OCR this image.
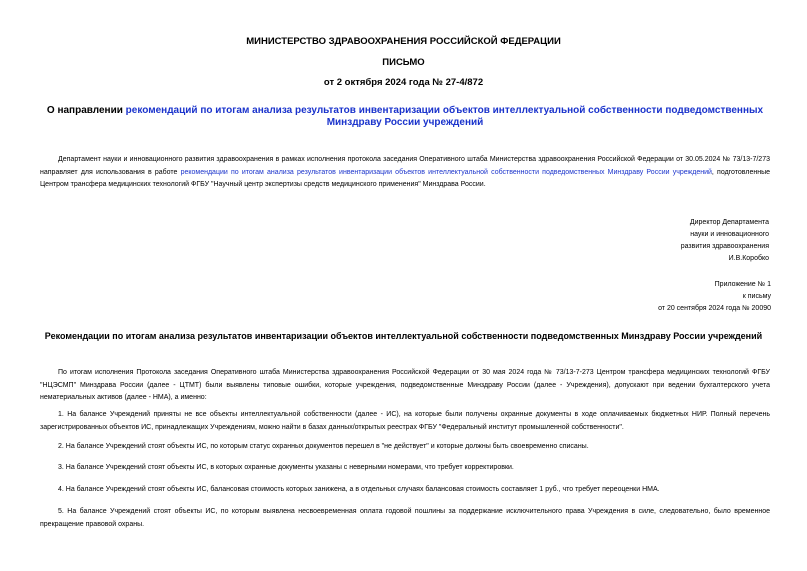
МИНИСТЕРСТВО ЗДРАВООХРАНЕНИЯ РОССИЙСКОЙ ФЕДЕРАЦИИ
ПИСЬМО
от 2 октября 2024 года № 27-4/872
О направлении рекомендаций по итогам анализа результатов инвентаризации объектов интеллектуальной собственности подведомственных Минздраву России учреждений
Департамент науки и инновационного развития здравоохранения в рамках исполнения протокола заседания Оперативного штаба Министерства здравоохранения Российской Федерации от 30.05.2024 № 73/13-7/273 направляет для использования в работе рекомендации по итогам анализа результатов инвентаризации объектов интеллектуальной собственности подведомственных Минздраву России учреждений, подготовленные Центром трансфера медицинских технологий ФГБУ "Научный центр экспертизы средств медицинского применения" Минздрава России.
Директор Департамента
науки и инновационного
развития здравоохранения
И.В.Коробко
Приложение № 1
к письму
от 20 сентября 2024 года № 20090
Рекомендации по итогам анализа результатов инвентаризации объектов интеллектуальной собственности подведомственных Минздраву России учреждений
По итогам исполнения Протокола заседания Оперативного штаба Министерства здравоохранения Российской Федерации от 30 мая 2024 года № 73/13-7-273 Центром трансфера медицинских технологий ФГБУ "НЦЭСМП" Минздрава России (далее - ЦТМТ) были выявлены типовые ошибки, которые учреждения, подведомственные Минздраву России (далее - Учреждения), допускают при ведении бухгалтерского учета нематериальных активов (далее - НМА), а именно:
1. На балансе Учреждений приняты не все объекты интеллектуальной собственности (далее - ИС), на которые были получены охранные документы в ходе оплачиваемых бюджетных НИР. Полный перечень зарегистрированных объектов ИС, принадлежащих Учреждениям, можно найти в базах данных/открытых реестрах ФГБУ "Федеральный институт промышленной собственности".
2. На балансе Учреждений стоят объекты ИС, по которым статус охранных документов перешел в "не действует" и которые должны быть своевременно списаны.
3. На балансе Учреждений стоят объекты ИС, в которых охранные документы указаны с неверными номерами, что требует корректировки.
4. На балансе Учреждений стоят объекты ИС, балансовая стоимость которых занижена, а в отдельных случаях балансовая стоимость составляет 1 руб., что требует переоценки НМА.
5. На балансе Учреждений стоят объекты ИС, по которым выявлена несвоевременная оплата годовой пошлины за поддержание исключительного права Учреждения в силе, следовательно, было временное прекращение правовой охраны.
